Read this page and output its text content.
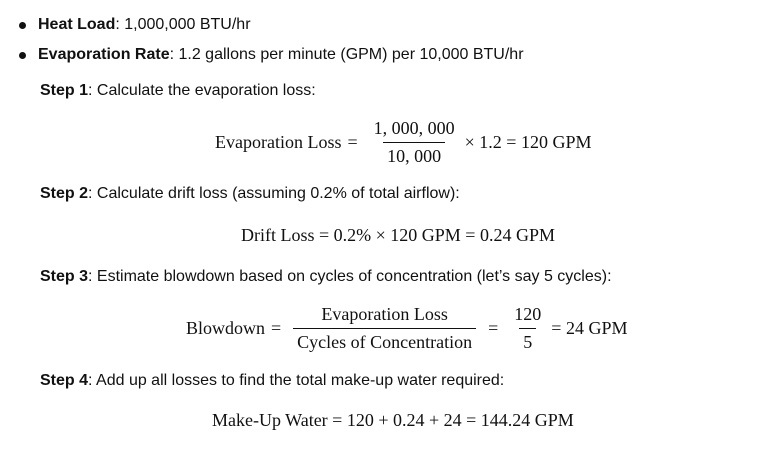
Heat Load : 1,000,000 BTU/hr
Evaporation Rate : 1.2 gallons per minute (GPM) per 10,000 BTU/hr
Step 1: Calculate the evaporation loss:
Evaporation Loss = $\frac{1, 000, 000}{10, 000} \times 1.2 = 120$ GPM
Step 2: Calculate drift loss (assuming 0.2% of total airflow):
Drift Loss = 0.2% × 120 GPM = 0.24 GPM
Step 3: Estimate blowdown based on cycles of concentration (let’s say 5 cycles):
Blowdown = $\frac{\text{Evaporation Loss}}{\text{Cycles of Concentration}} = \frac{120}{5} = 24$ GPM
Step 4: Add up all losses to find the total make-up water required:
Make-Up Water = 120 + 0.24 + 24 = 144.24 GPM
